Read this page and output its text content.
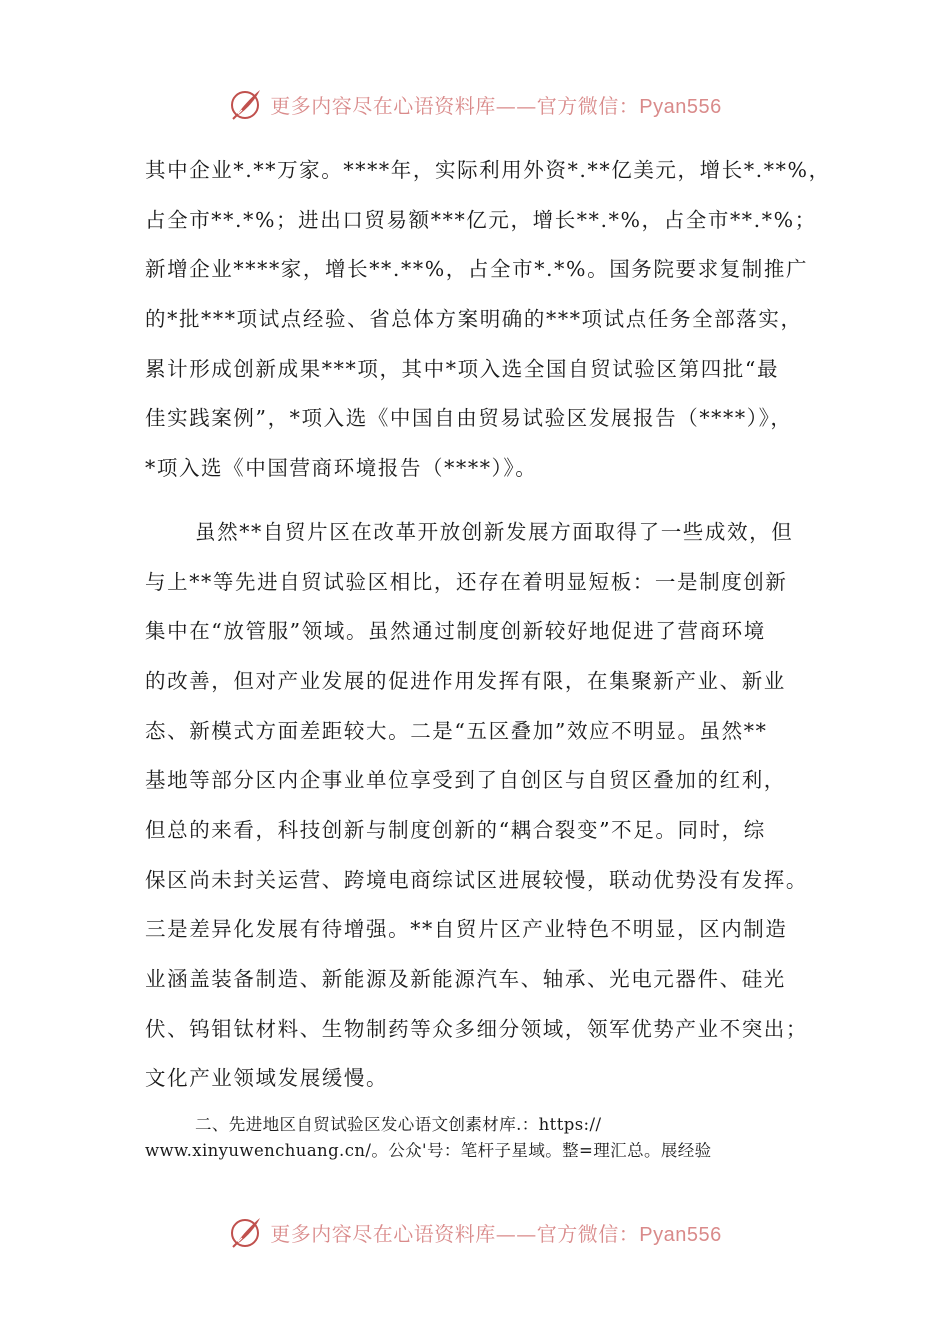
更多内容尽在心语资料库——官方微信：Pyan556
其中企业*.**万家。****年，实际利用外资*.**亿美元，增长*.**%，
占全市**.*%；进出口贸易额***亿元，增长**.*%，占全市**.*%；
新增企业****家，增长**.**%，占全市*.*%。国务院要求复制推广
的*批***项试点经验、省总体方案明确的***项试点任务全部落实，
累计形成创新成果***项，其中*项入选全国自贸试验区第四批“最
佳实践案例”，*项入选《中国自由贸易试验区发展报告（****）》，
*项入选《中国营商环境报告（****）》。
虽然**自贸片区在改革开放创新发展方面取得了一些成效，但
与上**等先进自贸试验区相比，还存在着明显短板：一是制度创新
集中在“放管服”领域。虽然通过制度创新较好地促进了营商环境
的改善，但对产业发展的促进作用发挥有限，在集聚新产业、新业
态、新模式方面差距较大。二是“五区叠加”效应不明显。虽然**
基地等部分区内企事业单位享受到了自创区与自贸区叠加的红利，
但总的来看，科技创新与制度创新的“耦合裂变”不足。同时，综
保区尚未封关运营、跨境电商综试区进展较慢，联动优势没有发挥。
三是差异化发展有待增强。**自贸片区产业特色不明显，区内制造
业涵盖装备制造、新能源及新能源汽车、轴承、光电元器件、硅光
伏、钨钼钛材料、生物制药等众多细分领域，领军优势产业不突出；
文化产业领域发展缓慢。
二、先进地区自贸试验区发心语文创素材库.：https://
www.xinyuwenchuang.cn/。公众'号：笔杆子星域。整=理汇总。展经验
更多内容尽在心语资料库——官方微信：Pyan556
